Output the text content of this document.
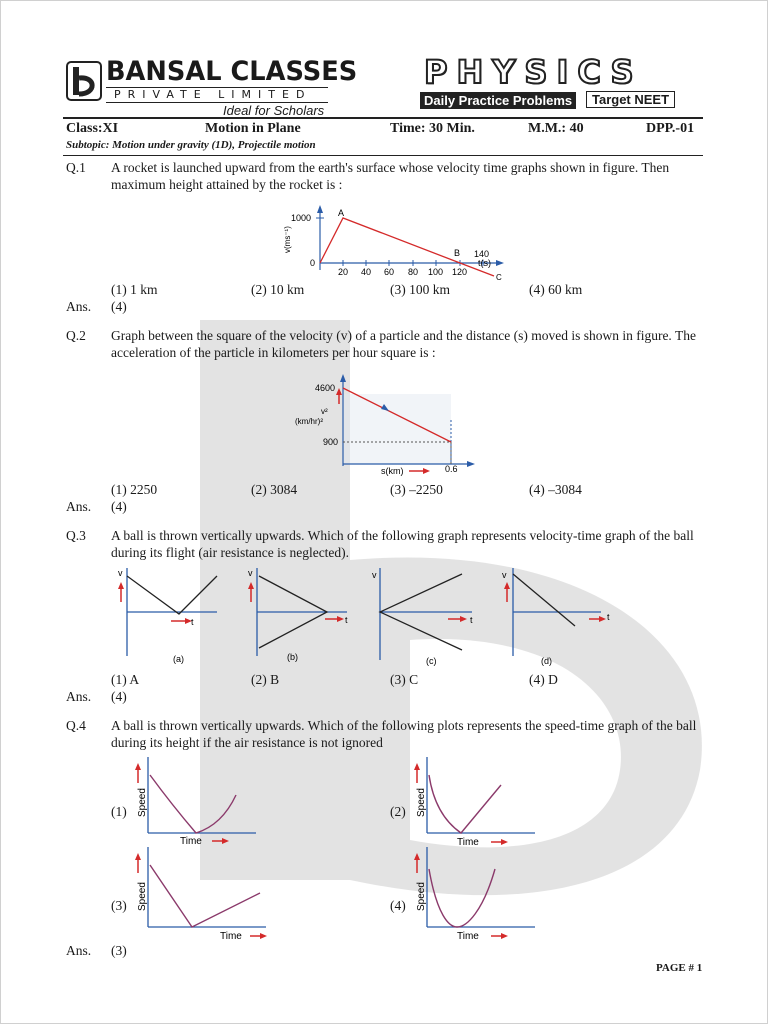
BANSAL CLASSES
PRIVATE LIMITED
Ideal for Scholars
PHYSICS
Daily Practice Problems	Target NEET
Class:XI	Motion in Plane	Time: 30 Min.	M.M.: 40	DPP.-01
Subtopic: Motion under gravity (1D), Projectile motion
Q.1 A rocket is launched upward from the earth's surface whose velocity time graphs shown in figure. Then maximum height attained by the rocket is :
1000
0
v(ms⁻¹)
A
B
C
140
t(s)
20 40 60 80 100 120
(1) 1 km	(2) 10 km	(3) 100 km	(4) 60 km
Ans. (4)
Q.2 Graph between the square of the velocity (v) of a particle and the distance (s) moved is shown in figure. The acceleration of the particle in kilometers per hour square is :
4600
v²
(km/hr)²
900
s(km)	0.6
(1) 2250	(2) 3084	(3) –2250	(4) –3084
Ans. (4)
Q.3 A ball is thrown vertically upwards. Which of the following graph represents velocity-time graph of the ball during its flight (air resistance is neglected).
v
t
(a)
v
t
(b)
v
t
(c)
v
t
(d)
(1) A	(2) B	(3) C	(4) D
Ans. (4)
Q.4 A ball is thrown vertically upwards. Which of the following plots represents the speed-time graph of the ball during its height if the air resistance is not ignored
(1) Speed
Time
(2) Speed
Time
(3) Speed
Time
(4) Speed
Time
Ans. (3)
PAGE # 1
